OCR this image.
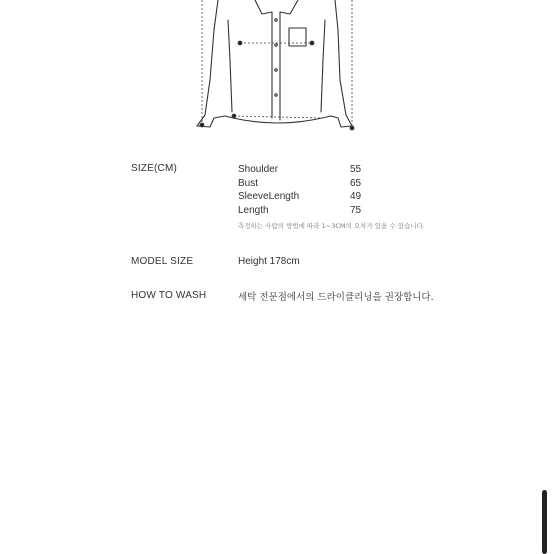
SIZE(CM)	Shoulder	55
Bust	65
SleeveLength	49
Length	75
측정하는 사람의 방법에 따라 1~3CM의 오차가 있을 수 있습니다.
MODEL SIZE	Height 178cm
HOW TO WASH	세탁 전문점에서의 드라이클리닝을 권장합니다.
